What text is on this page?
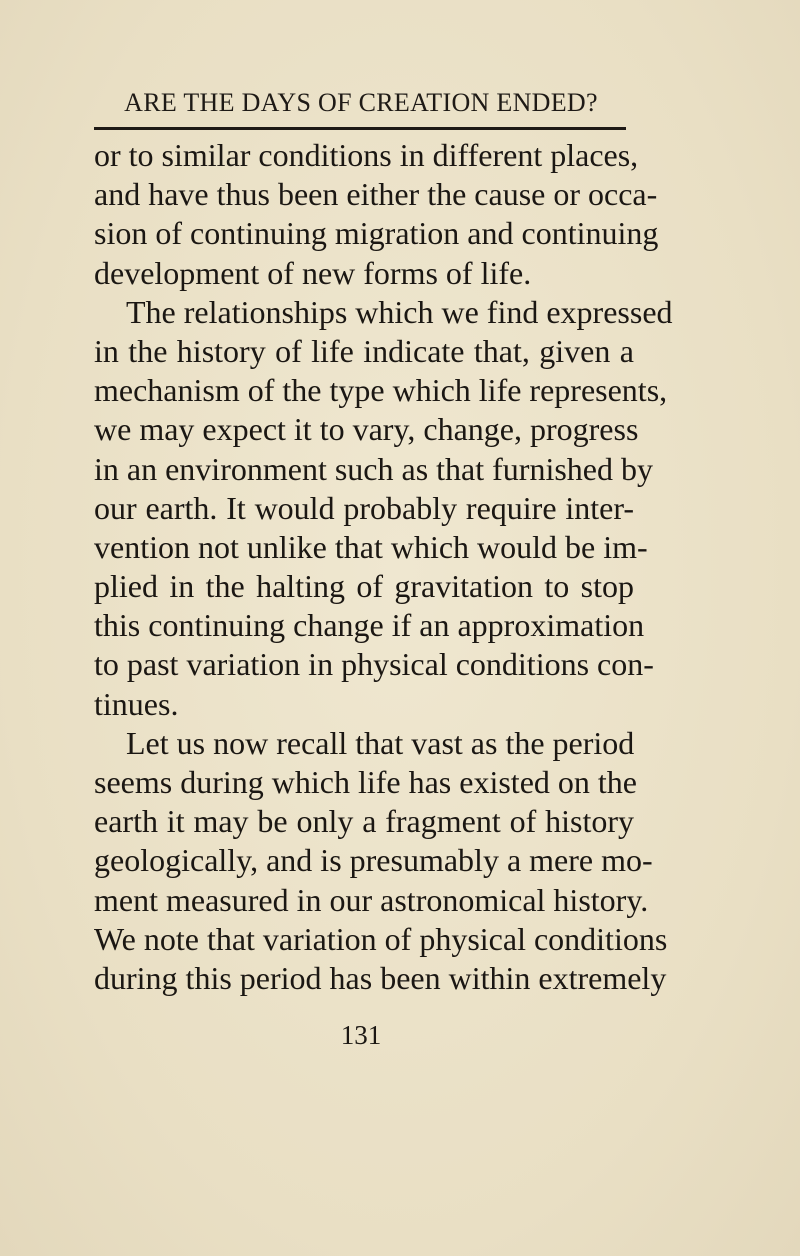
ARE THE DAYS OF CREATION ENDED?
or to similar conditions in different places,
and have thus been either the cause or occa-
sion of continuing migration and continuing
development of new forms of life.
The relationships which we find expressed
in the history of life indicate that, given a
mechanism of the type which life represents,
we may expect it to vary, change, progress
in an environment such as that furnished by
our earth. It would probably require inter-
vention not unlike that which would be im-
plied in the halting of gravitation to stop
this continuing change if an approximation
to past variation in physical conditions con-
tinues.
Let us now recall that vast as the period
seems during which life has existed on the
earth it may be only a fragment of history
geologically, and is presumably a mere mo-
ment measured in our astronomical history.
We note that variation of physical conditions
during this period has been within extremely
131
